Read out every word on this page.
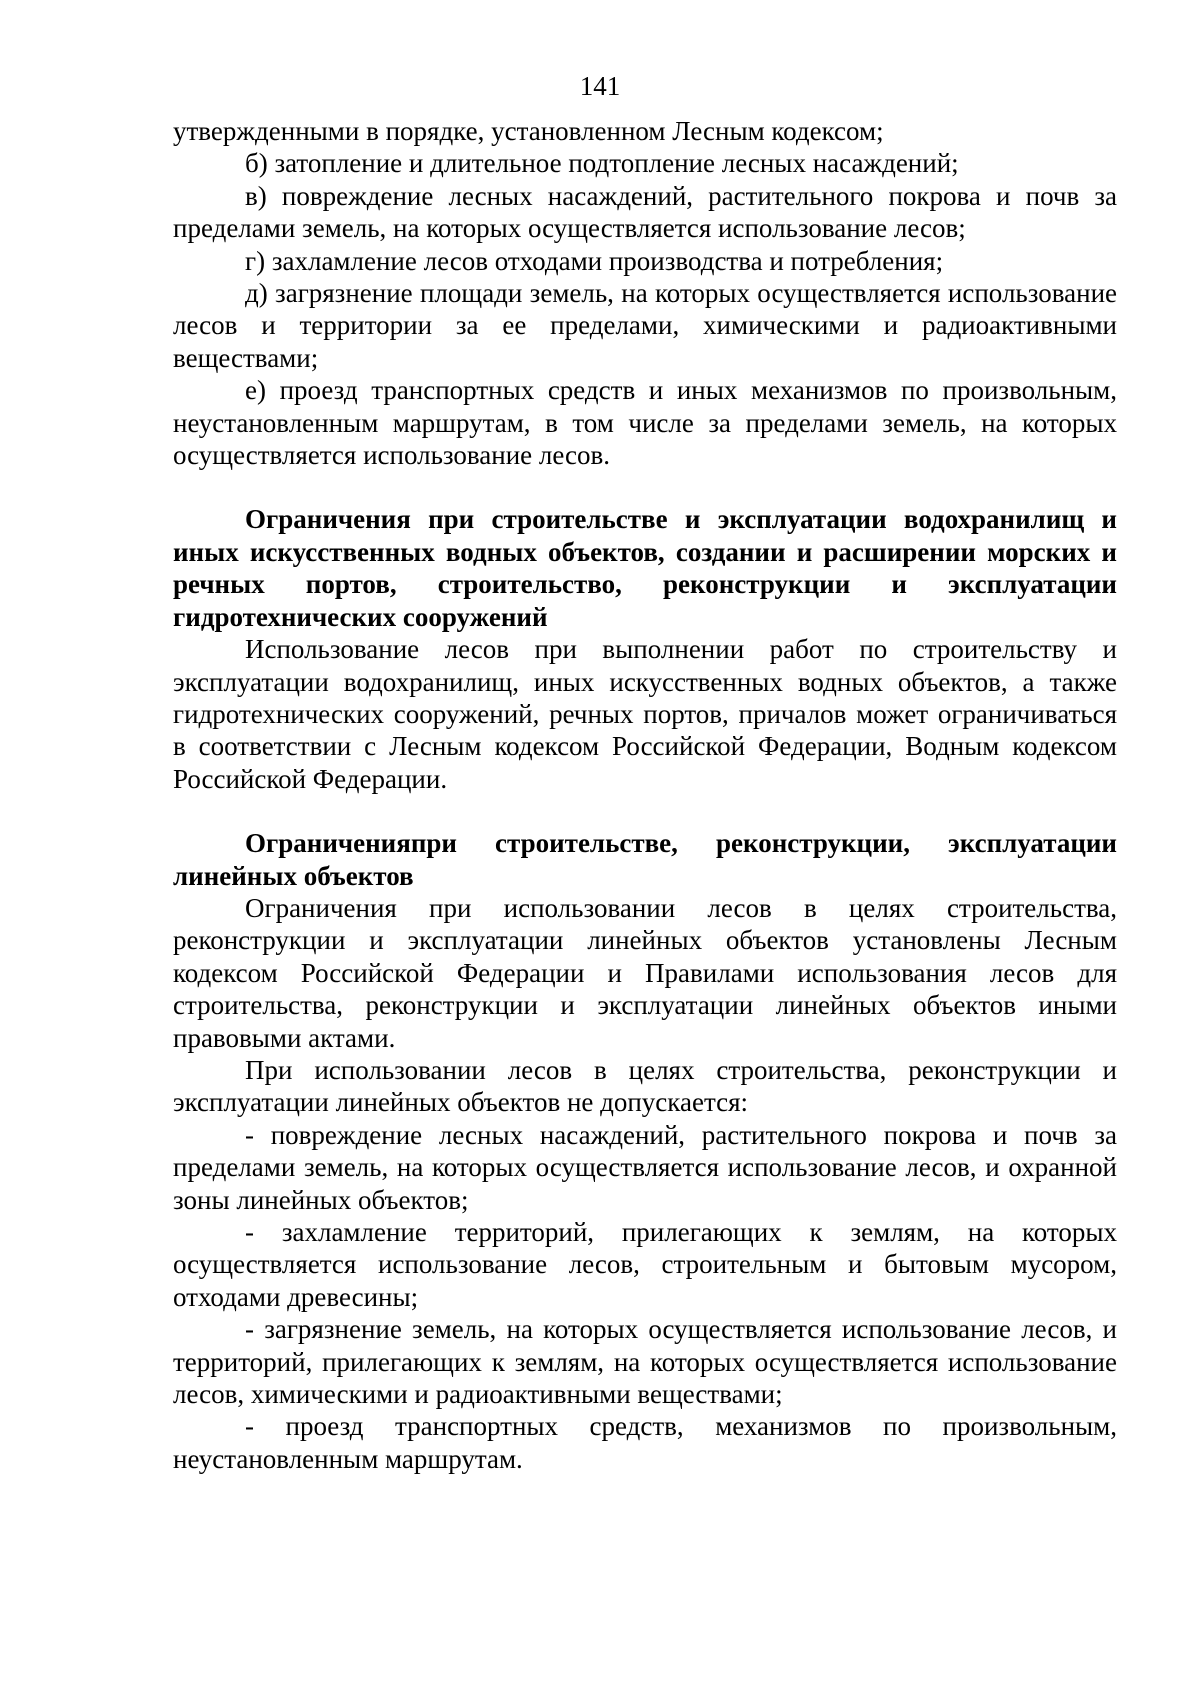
141

утвержденными в порядке, установленном Лесным кодексом;

б) затопление и длительное подтопление лесных насаждений;

в) повреждение лесных насаждений, растительного покрова и почв за пределами земель, на которых осуществляется использование лесов;

г) захламление лесов отходами производства и потребления;

д) загрязнение площади земель, на которых осуществляется использование лесов и территории за ее пределами, химическими и радиоактивными веществами;

е) проезд транспортных средств и иных механизмов по произвольным, неустановленным маршрутам, в том числе за пределами земель, на которых осуществляется использование лесов.

Ограничения при строительстве и эксплуатации водохранилищ и иных искусственных водных объектов, создании и расширении морских и речных портов, строительство, реконструкции и эксплуатации гидротехнических сооружений

Использование лесов при выполнении работ по строительству и эксплуатации водохранилищ, иных искусственных водных объектов, а также гидротехнических сооружений, речных портов, причалов может ограничиваться в соответствии с Лесным кодексом Российской Федерации, Водным кодексом Российской Федерации.

Ограниченияпри строительстве, реконструкции, эксплуатации линейных объектов

Ограничения при использовании лесов в целях строительства, реконструкции и эксплуатации линейных объектов установлены Лесным кодексом Российской Федерации и Правилами использования лесов для строительства, реконструкции и эксплуатации линейных объектов иными правовыми актами.

При использовании лесов в целях строительства, реконструкции и эксплуатации линейных объектов не допускается:

- повреждение лесных насаждений, растительного покрова и почв за пределами земель, на которых осуществляется использование лесов, и охранной зоны линейных объектов;

- захламление территорий, прилегающих к землям, на которых осуществляется использование лесов, строительным и бытовым мусором, отходами древесины;

- загрязнение земель, на которых осуществляется использование лесов, и территорий, прилегающих к землям, на которых осуществляется использование лесов, химическими и радиоактивными веществами;

- проезд транспортных средств, механизмов по произвольным, неустановленным маршрутам.
